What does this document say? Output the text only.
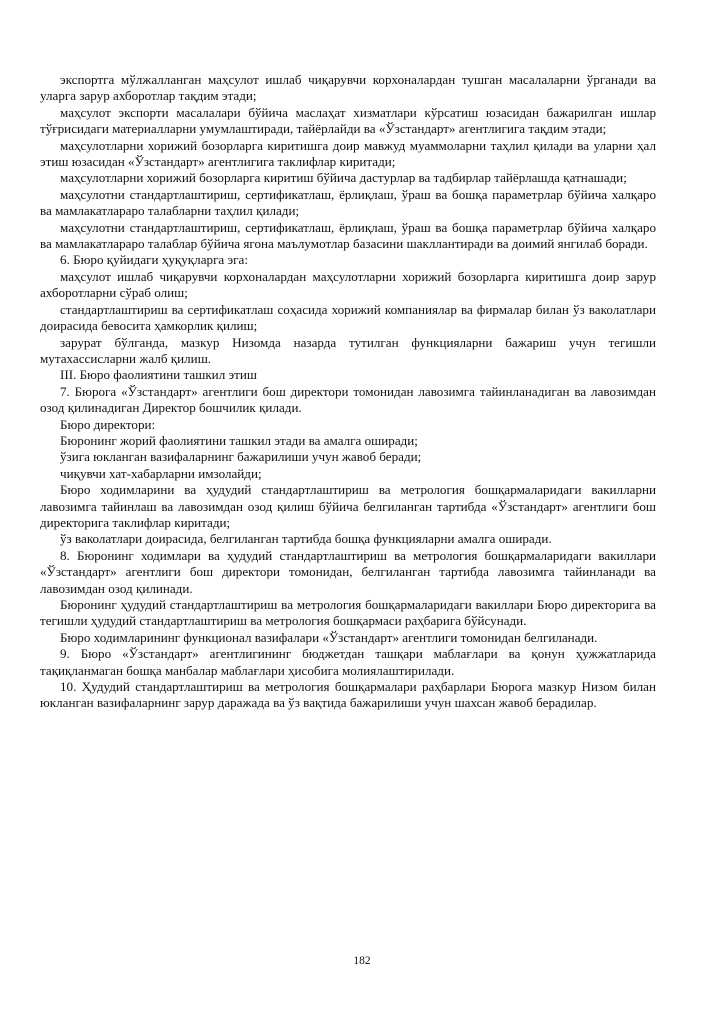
экспортга мўлжалланган маҳсулот ишлаб чиқарувчи корхоналардан тушган масалаларни ўрганади ва уларга зарур ахборотлар тақдим этади;

маҳсулот экспорти масалалари бўйича маслаҳат хизматлари кўрсатиш юзасидан бажарилган ишлар тўғрисидаги материалларни умумлаштиради, тайёрлайди ва «Ўзстандарт» агентлигига тақдим этади;

маҳсулотларни хорижий бозорларга киритишга доир мавжуд муаммоларни таҳлил қилади ва уларни ҳал этиш юзасидан «Ўзстандарт» агентлигига таклифлар киритади;

маҳсулотларни хорижий бозорларга киритиш бўйича дастурлар ва тадбирлар тайёрлашда қатнашади;

маҳсулотни стандартлаштириш, сертификатлаш, ёрлиқлаш, ўраш ва бошқа параметрлар бўйича халқаро ва мамлакатлараро талабларни таҳлил қилади;

маҳсулотни стандартлаштириш, сертификатлаш, ёрлиқлаш, ўраш ва бошқа параметрлар бўйича халқаро ва мамлакатлараро талаблар бўйича ягона маълумотлар базасини шакллантиради ва доимий янгилаб боради.

6. Бюро қуйидаги ҳуқуқларга эга:

маҳсулот ишлаб чиқарувчи корхоналардан маҳсулотларни хорижий бозорларга киритишга доир зарур ахборотларни сўраб олиш;

стандартлаштириш ва сертификатлаш соҳасида хорижий компаниялар ва фирмалар билан ўз ваколатлари доирасида бевосита ҳамкорлик қилиш;

зарурат бўлганда, мазкур Низомда назарда тутилган функцияларни бажариш учун тегишли мутахассисларни жалб қилиш.

III. Бюро фаолиятини ташкил этиш

7. Бюрога «Ўзстандарт» агентлиги бош директори томонидан лавозимга тайинланадиган ва лавозимдан озод қилинадиган Директор бошчилик қилади.

Бюро директори:

Бюронинг жорий фаолиятини ташкил этади ва амалга оширади;

ўзига юкланган вазифаларнинг бажарилиши учун жавоб беради;

чиқувчи хат-хабарларни имзолайди;

Бюро ходимларини ва ҳудудий стандартлаштириш ва метрология бошқармаларидаги вакилларни лавозимга тайинлаш ва лавозимдан озод қилиш бўйича белгиланган тартибда «Ўзстандарт» агентлиги бош директорига таклифлар киритади;

ўз ваколатлари доирасида, белгиланган тартибда бошқа функцияларни амалга оширади.

8. Бюронинг ходимлари ва ҳудудий стандартлаштириш ва метрология бошқармаларидаги вакиллари «Ўзстандарт» агентлиги бош директори томонидан, белгиланган тартибда лавозимга тайинланади ва лавозимдан озод қилинади.

Бюронинг ҳудудий стандартлаштириш ва метрология бошқармаларидаги вакиллари Бюро директорига ва тегишли ҳудудий стандартлаштириш ва метрология бошқармаси раҳбарига бўйсунади.

Бюро ходимларининг функционал вазифалари «Ўзстандарт» агентлиги томонидан белгиланади.

9. Бюро «Ўзстандарт» агентлигининг бюджетдан ташқари маблағлари ва қонун ҳужжатларида тақиқланмаган бошқа манбалар маблағлари ҳисобига молиялаштирилади.

10. Ҳудудий стандартлаштириш ва метрология бошқармалари раҳбарлари Бюрога мазкур Низом билан юкланган вазифаларнинг зарур даражада ва ўз вақтида бажарилиши учун шахсан жавоб берадилар.

182
